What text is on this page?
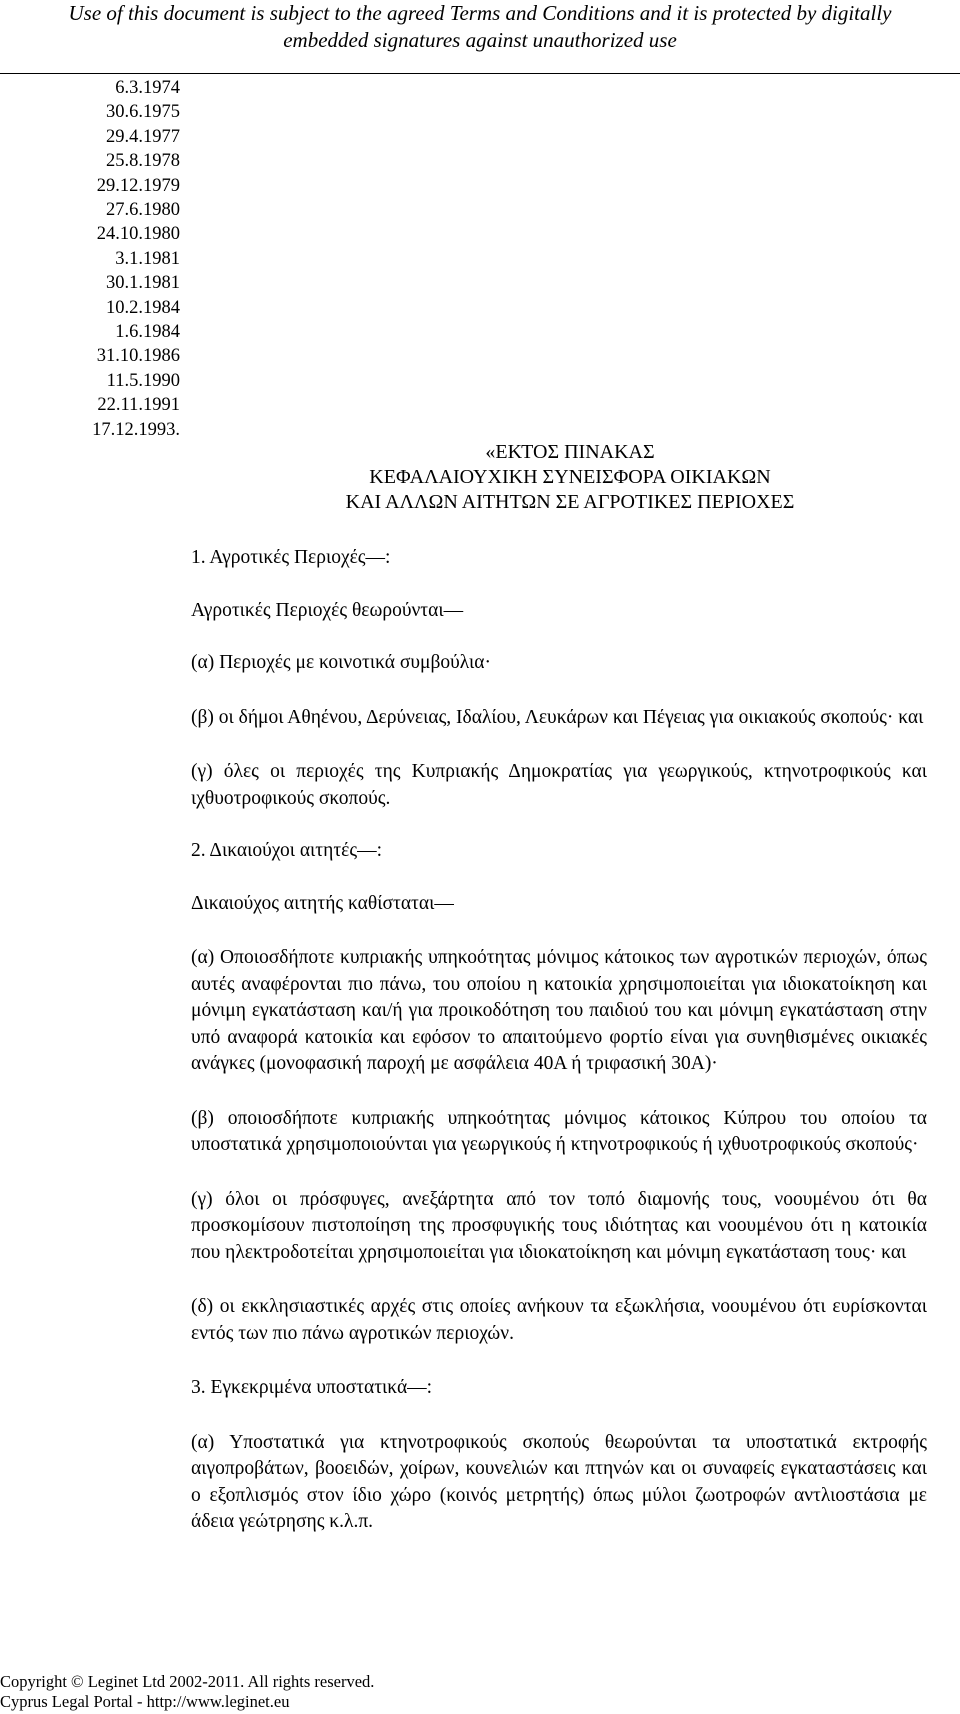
Use of this document is subject to the agreed Terms and Conditions and it is protected by digitally
embedded signatures against unauthorized use
6.3.1974
30.6.1975
29.4.1977
25.8.1978
29.12.1979
27.6.1980
24.10.1980
3.1.1981
30.1.1981
10.2.1984
1.6.1984
31.10.1986
11.5.1990
22.11.1991
17.12.1993.
«ΕΚΤΟΣ ΠΙΝΑΚΑΣ
ΚΕΦΑΛΑΙΟΥΧΙΚΗ ΣΥΝΕΙΣΦΟΡΑ ΟΙΚΙΑΚΩΝ
ΚΑΙ ΑΛΛΩΝ ΑΙΤΗΤΩΝ ΣΕ ΑΓΡΟΤΙΚΕΣ ΠΕΡΙΟΧΕΣ

1. Αγροτικές Περιοχές—:

Αγροτικές Περιοχές θεωρούνται—

(α) Περιοχές με κοινοτικά συμβούλια·

(β) οι δήμοι Αθηένου, Δερύνειας, Ιδαλίου, Λευκάρων και Πέγειας για οικιακούς σκοπούς· και

(γ) όλες οι περιοχές της Κυπριακής Δημοκρατίας για γεωργικούς, κτηνοτροφικούς και ιχθυοτροφικούς σκοπούς.

2. Δικαιούχοι αιτητές—:

Δικαιούχος αιτητής καθίσταται—

(α) Οποιοσδήποτε κυπριακής υπηκοότητας μόνιμος κάτοικος των αγροτικών περιοχών, όπως αυτές αναφέρονται πιο πάνω, του οποίου η κατοικία χρησιμοποιείται για ιδιοκατοίκηση και μόνιμη εγκατάσταση και/ή για προικοδότηση του παιδιού του και μόνιμη εγκατάσταση στην υπό αναφορά κατοικία και εφόσον το απαιτούμενο φορτίο είναι για συνηθισμένες οικιακές ανάγκες (μονοφασική παροχή με ασφάλεια 40Α ή τριφασική 30Α)·

(β) οποιοσδήποτε κυπριακής υπηκοότητας μόνιμος κάτοικος Κύπρου του οποίου τα υποστατικά χρησιμοποιούνται για γεωργικούς ή κτηνοτροφικούς ή ιχθυοτροφικούς σκοπούς·

(γ) όλοι οι πρόσφυγες, ανεξάρτητα από τον τοπό διαμονής τους, νοουμένου ότι θα προσκομίσουν πιστοποίηση της προσφυγικής τους ιδιότητας και νοουμένου ότι η κατοικία που ηλεκτροδοτείται χρησιμοποιείται για ιδιοκατοίκηση και μόνιμη εγκατάσταση τους· και

(δ) οι εκκλησιαστικές αρχές στις οποίες ανήκουν τα εξωκλήσια, νοουμένου ότι ευρίσκονται εντός των πιο πάνω αγροτικών περιοχών.

3. Εγκεκριμένα υποστατικά—:

(α) Υποστατικά για κτηνοτροφικούς σκοπούς θεωρούνται τα υποστατικά εκτροφής αιγοπροβάτων, βοοειδών, χοίρων, κουνελιών και πτηνών και οι συναφείς εγκαταστάσεις και ο εξοπλισμός στον ίδιο χώρο (κοινός μετρητής) όπως μύλοι ζωοτροφών αντλιοστάσια με άδεια γεώτρησης κ.λ.π.

Copyright © Leginet Ltd 2002-2011. All rights reserved.
Cyprus Legal Portal - http://www.leginet.eu
